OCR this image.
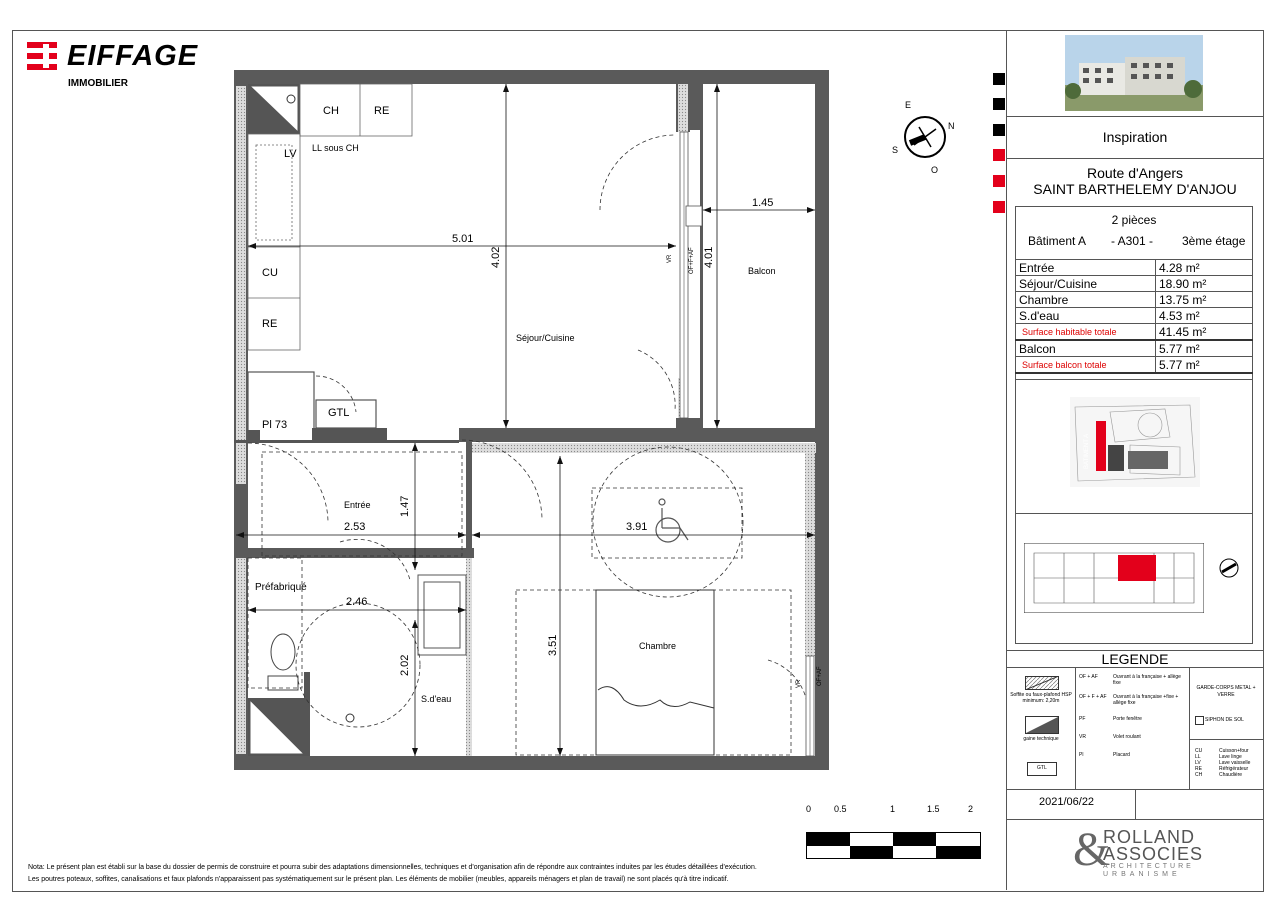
EIFFAGE
IMMOBILIER
E
N
S
O
CH	RE
LL sous CH
LV
CU
RE
Pl 73
GTL
Préfabriqué
Séjour/Cuisine
Balcon
Entrée
Chambre
S.d'eau
5.01
4.02
1.45
4.01
1.47
2.53	3.91
2.46
2.02
3.51
OF+F+AF
OF+AF
VR
VR
0	0.5	1	1.5	2
Nota: Le présent plan est établi sur la base du dossier de permis de construire et pourra subir des adaptations dimensionnelles, techniques et d'organisation afin de répondre aux contraintes induites par les études détaillées d'exécution.
Les poutres poteaux, soffites, canalisations et faux plafonds n'apparaissent pas systématiquement sur le présent plan. Les éléments de mobilier (meubles, appareils ménagers et plan de travail) ne sont placés qu'à titre indicatif.
Inspiration
Route d'Angers
SAINT BARTHELEMY D'ANJOU
2 pièces
Bâtiment A - A301 - 3ème étage
Entrée	4.28 m²
Séjour/Cuisine	18.90 m²
Chambre	13.75 m²
S.d'eau	4.53 m²
Surface habitable totale	41.45 m²
Balcon	5.77 m²
Surface balcon totale	5.77 m²
BATIMENT A
LEGENDE
Soffite ou faux-plafond HSP minimum: 2,20m
gaine technique
GTL
OF + AF	Ouvrant à la française + allège fixe
OF + F + AF Ouvrant à la française +fixe + allège fixe
PF	Porte fenêtre
VR	Volet roulant
Pl	Placard
GARDE-CORPS METAL + VERRE
SIPHON DE SOL
CU	Cuisson+four
LL	Lave linge
LV	Lave vaisselle
RE	Réfrigérateur
CH	Chaudière
2021/06/22
&
ROLLAND
ASSOCIES
ARCHITECTURE
URBANISME
